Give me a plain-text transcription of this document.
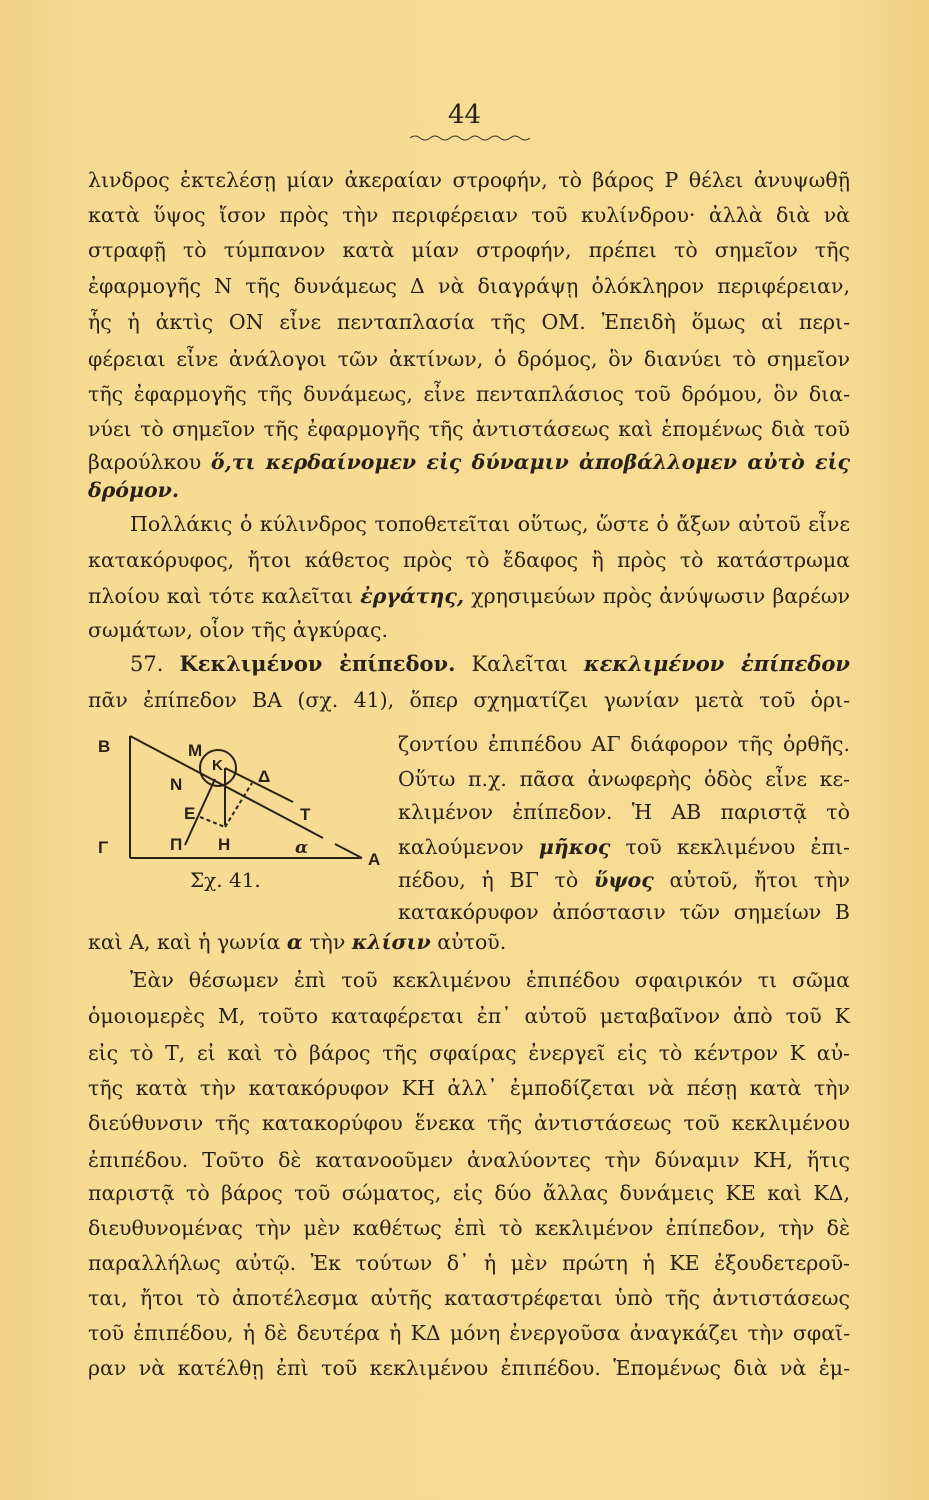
44
λινδρος ἐκτελέσῃ μίαν ἀκεραίαν στροφήν, τὸ βάρος Ρ θέλει ἀνυψωθῇ
κατὰ ὕψος ἴσον πρὸς τὴν περιφέρειαν τοῦ κυλίνδρου· ἀλλὰ διὰ νὰ
στραφῇ τὸ τύμπανον κατὰ μίαν στροφήν, πρέπει τὸ σημεῖον τῆς
ἐφαρμογῆς Ν τῆς δυνάμεως Δ νὰ διαγράψῃ ὁλόκληρον περιφέρειαν,
ἧς ἡ ἀκτὶς ΟΝ εἶνε πενταπλασία τῆς ΟΜ. Ἐπειδὴ ὅμως αἱ περι-
φέρειαι εἶνε ἀνάλογοι τῶν ἀκτίνων, ὁ δρόμος, ὃν διανύει τὸ σημεῖον
τῆς ἐφαρμογῆς τῆς δυνάμεως, εἶνε πενταπλάσιος τοῦ δρόμου, ὃν δια-
νύει τὸ σημεῖον τῆς ἐφαρμογῆς τῆς ἀντιστάσεως καὶ ἑπομένως διὰ τοῦ
βαρούλκου ὅ,τι κερδαίνομεν εἰς δύναμιν ἀποβάλλομεν αὐτὸ εἰς
δρόμον.
Πολλάκις ὁ κύλινδρος τοποθετεῖται οὕτως, ὥστε ὁ ἄξων αὐτοῦ εἶνε
κατακόρυφος, ἤτοι κάθετος πρὸς τὸ ἔδαφος ἢ πρὸς τὸ κατάστρωμα
πλοίου καὶ τότε καλεῖται ἐργάτης, χρησιμεύων πρὸς ἀνύψωσιν βαρέων
σωμάτων, οἷον τῆς ἀγκύρας.
57. Κεκλιμένον ἐπίπεδον. Καλεῖται κεκλιμένον ἐπίπεδον
πᾶν ἐπίπεδον ΒΑ (σχ. 41), ὅπερ σχηματίζει γωνίαν μετὰ τοῦ ὁρι-
ζοντίου ἐπιπέδου ΑΓ διάφορον τῆς ὀρθῆς.
Οὕτω π.χ. πᾶσα ἀνωφερὴς ὁδὸς εἶνε κε-
κλιμένον ἐπίπεδον. Ἡ ΑΒ παριστᾷ τὸ
καλούμενον μῆκος τοῦ κεκλιμένου ἐπι-
πέδου, ἡ ΒΓ τὸ ὕψος αὐτοῦ, ἤτοι τὴν
κατακόρυφον ἀπόστασιν τῶν σημείων Β
καὶ Α, καὶ ἡ γωνία α τὴν κλίσιν αὐτοῦ.
Β	Μ
Κ
Δ
Ν
Ε	Τ
Γ	Π Η	α
Α
Σχ. 41.
Ἐὰν θέσωμεν ἐπὶ τοῦ κεκλιμένου ἐπιπέδου σφαιρικόν τι σῶμα
ὁμοιομερὲς Μ, τοῦτο καταφέρεται ἐπ᾽ αὐτοῦ μεταβαῖνον ἀπὸ τοῦ Κ
εἰς τὸ Τ, εἰ καὶ τὸ βάρος τῆς σφαίρας ἐνεργεῖ εἰς τὸ κέντρον Κ αὐ-
τῆς κατὰ τὴν κατακόρυφον ΚΗ ἀλλ᾽ ἐμποδίζεται νὰ πέσῃ κατὰ τὴν
διεύθυνσιν τῆς κατακορύφου ἕνεκα τῆς ἀντιστάσεως τοῦ κεκλιμένου
ἐπιπέδου. Τοῦτο δὲ κατανοοῦμεν ἀναλύοντες τὴν δύναμιν ΚΗ, ἥτις
παριστᾷ τὸ βάρος τοῦ σώματος, εἰς δύο ἄλλας δυνάμεις ΚΕ καὶ ΚΔ,
διευθυνομένας τὴν μὲν καθέτως ἐπὶ τὸ κεκλιμένον ἐπίπεδον, τὴν δὲ
παραλλήλως αὐτῷ. Ἐκ τούτων δ᾽ ἡ μὲν πρώτη ἡ ΚΕ ἐξουδετεροῦ-
ται, ἤτοι τὸ ἀποτέλεσμα αὐτῆς καταστρέφεται ὑπὸ τῆς ἀντιστάσεως
τοῦ ἐπιπέδου, ἡ δὲ δευτέρα ἡ ΚΔ μόνη ἐνεργοῦσα ἀναγκάζει τὴν σφαῖ-
ραν νὰ κατέλθῃ ἐπὶ τοῦ κεκλιμένου ἐπιπέδου. Ἑπομένως διὰ νὰ ἐμ-
